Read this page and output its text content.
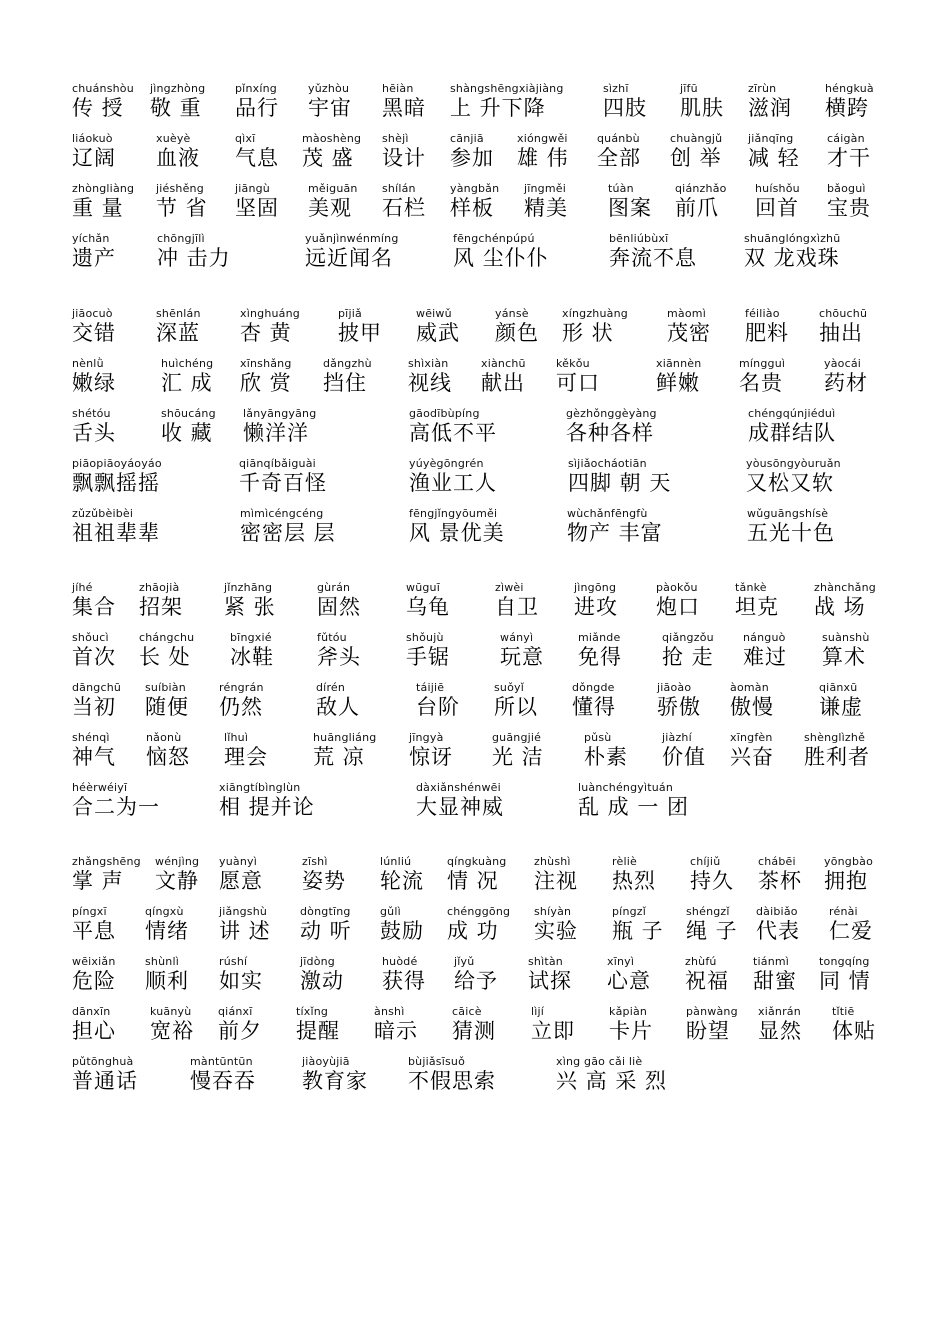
chuánshòu
传 授
jìngzhòng
敬 重
pǐnxíng
品行
yǔzhòu
宇宙
hēiàn
黑暗
shàngshēngxiàjiàng
上 升下降
sìzhī
四肢
jīfū
肌肤
zīrùn
滋润
héngkuà
横跨
liáokuò
辽阔
xuèyè
血液
qìxī
气息
màoshèng
茂 盛
shèjì
设计
cānjiā
参加
xióngwěi
雄 伟
quánbù
全部
chuàngjǔ
创 举
jiǎnqīng
减 轻
cáigàn
才干
zhòngliàng
重 量
jiéshěng
节 省
jiāngù
坚固
měiguān
美观
shílán
石栏
yàngbǎn
样板
jīngměi
精美
túàn
图案
qiánzhǎo
前爪
huíshǒu
回首
bǎoguì
宝贵
yíchǎn
遗产
chōngjīlì
冲 击力
yuǎnjìnwénmíng
远近闻名
fēngchénpúpú
风 尘仆仆
bēnliúbùxī
奔流不息
shuānglóngxìzhū
双 龙戏珠
jiāocuò
交错
shēnlán
深蓝
xìnghuáng
杏 黄
pījiǎ
披甲
wēiwǔ
威武
yánsè
颜色
xíngzhuàng
形 状
màomì
茂密
féiliào
肥料
chōuchū
抽出
nènlǜ
嫩绿
huìchéng
汇 成
xīnshǎng
欣 赏
dǎngzhù
挡住
shìxiàn
视线
xiànchū
献出
kěkǒu
可口
xiānnèn
鲜嫩
míngguì
名贵
yàocái
药材
shétóu
舌头
shōucáng
收 藏
lǎnyāngyāng
懒洋洋
gāodībùpíng
高低不平
gèzhǒnggèyàng
各种各样
chéngqúnjiéduì
成群结队
piāopiāoyáoyáo
飘飘摇摇
qiānqíbǎiguài
千奇百怪
yúyègōngrén
渔业工人
sìjiǎocháotiān
四脚 朝 天
yòusōngyòuruǎn
又松又软
zǔzǔbèibèi
祖祖辈辈
mìmìcéngcéng
密密层 层
fēngjǐngyōuměi
风 景优美
wùchǎnfēngfù
物产 丰富
wǔguāngshísè
五光十色
jíhé
集合
zhāojià
招架
jǐnzhāng
紧 张
gùrán
固然
wūguī
乌龟
zìwèi
自卫
jìngōng
进攻
pàokǒu
炮口
tǎnkè
坦克
zhànchǎng
战 场
shǒucì
首次
chángchu
长 处
bīngxié
冰鞋
fǔtóu
斧头
shǒujù
手锯
wányì
玩意
miǎnde
免得
qiǎngzǒu
抢 走
nánguò
难过
suànshù
算术
dāngchū
当初
suíbiàn
随便
réngrán
仍然
dírén
敌人
táijiē
台阶
suǒyǐ
所以
dǒngde
懂得
jiāoào
骄傲
àomàn
傲慢
qiānxū
谦虚
shénqì
神气
nǎonù
恼怒
lǐhuì
理会
huāngliáng
荒 凉
jīngyà
惊讶
guāngjié
光 洁
pǔsù
朴素
jiàzhí
价值
xīngfèn
兴奋
shènglìzhě
胜利者
héèrwéiyī
合二为一
xiāngtíbìnglùn
相 提并论
dàxiǎnshénwēi
大显神威
luànchéngyìtuán
乱 成 一 团
zhǎngshēng
掌 声
wénjìng
文静
yuànyì
愿意
zīshì
姿势
lúnliú
轮流
qíngkuàng
情 况
zhùshì
注视
rèliè
热烈
chíjiǔ
持久
chábēi
茶杯
yōngbào
拥抱
píngxī
平息
qíngxù
情绪
jiǎngshù
讲 述
dòngtīng
动 听
gǔlì
鼓励
chénggōng
成 功
shíyàn
实验
píngzǐ
瓶 子
shéngzǐ
绳 子
dàibiǎo
代表
rénài
仁爱
wēixiǎn
危险
shùnlì
顺利
rúshí
如实
jīdòng
激动
huòdé
获得
jǐyǔ
给予
shìtàn
试探
xīnyì
心意
zhùfú
祝福
tiánmì
甜蜜
tongqíng
同 情
dānxīn
担心
kuānyù
宽裕
qiánxī
前夕
tíxǐng
提醒
ànshì
暗示
cāicè
猜测
lìjí
立即
kǎpiàn
卡片
pànwàng
盼望
xiǎnrán
显然
tǐtiē
体贴
pǔtōnghuà
普通话
màntūntūn
慢吞吞
jiàoyùjiā
教育家
bùjiǎsīsuǒ
不假思索
xìng gāo cǎi liè
兴 高 采 烈
